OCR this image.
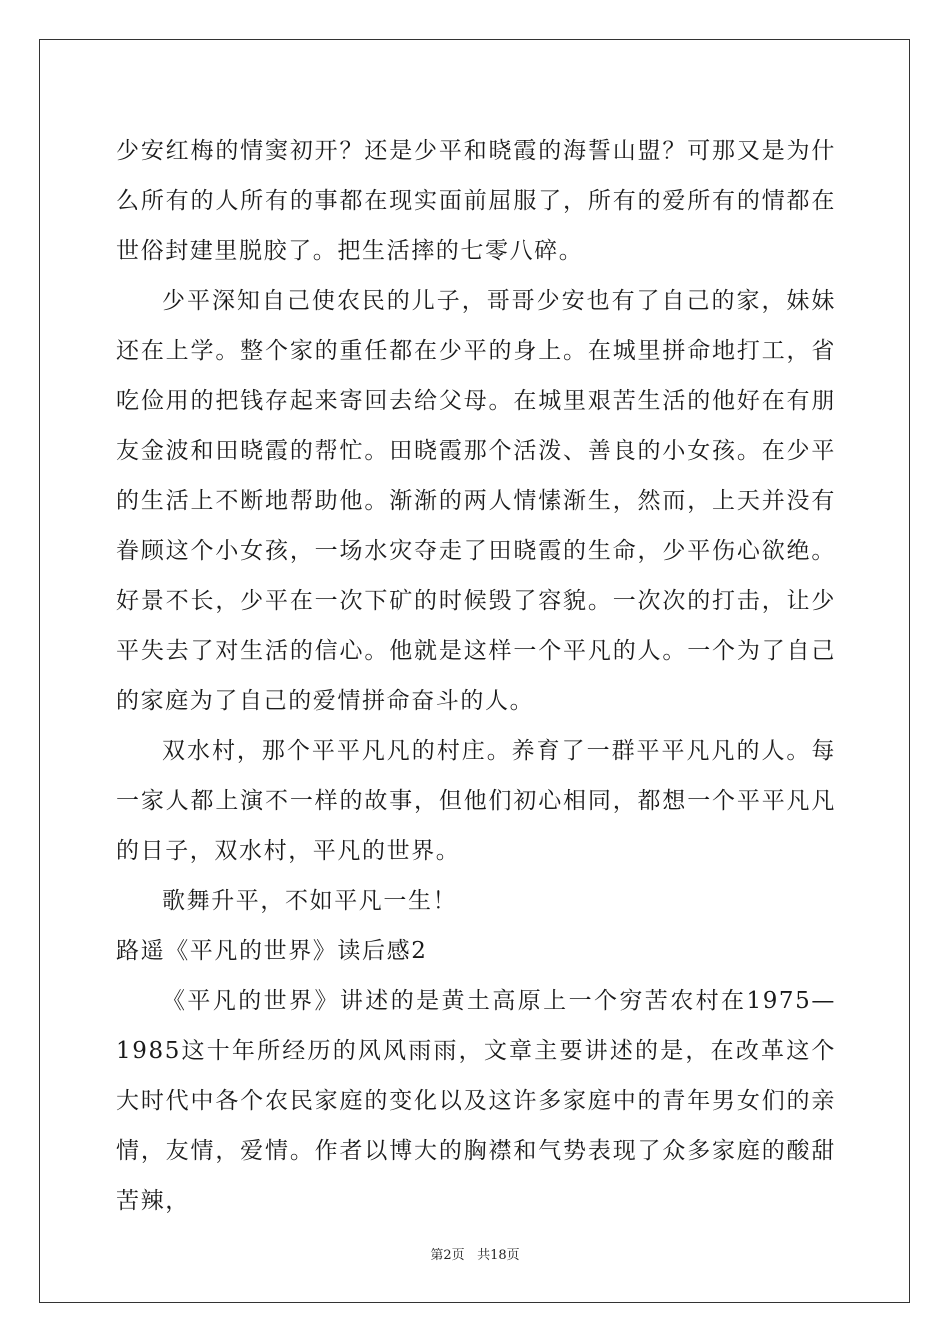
少安红梅的情窦初开？还是少平和晓霞的海誓山盟？可那又是为什么所有的人所有的事都在现实面前屈服了，所有的爱所有的情都在世俗封建里脱胶了。把生活摔的七零八碎。

少平深知自己使农民的儿子，哥哥少安也有了自己的家，妹妹还在上学。整个家的重任都在少平的身上。在城里拼命地打工，省吃俭用的把钱存起来寄回去给父母。在城里艰苦生活的他好在有朋友金波和田晓霞的帮忙。田晓霞那个活泼、善良的小女孩。在少平的生活上不断地帮助他。渐渐的两人情愫渐生，然而，上天并没有眷顾这个小女孩，一场水灾夺走了田晓霞的生命，少平伤心欲绝。好景不长，少平在一次下矿的时候毁了容貌。一次次的打击，让少平失去了对生活的信心。他就是这样一个平凡的人。一个为了自己的家庭为了自己的爱情拼命奋斗的人。

双水村，那个平平凡凡的村庄。养育了一群平平凡凡的人。每一家人都上演不一样的故事，但他们初心相同，都想一个平平凡凡的日子，双水村，平凡的世界。

歌舞升平，不如平凡一生！

路遥《平凡的世界》读后感2

《平凡的世界》讲述的是黄土高原上一个穷苦农村在1975—1985这十年所经历的风风雨雨，文章主要讲述的是，在改革这个大时代中各个农民家庭的变化以及这许多家庭中的青年男女们的亲情，友情，爱情。作者以博大的胸襟和气势表现了众多家庭的酸甜苦辣，

第2页 共18页
